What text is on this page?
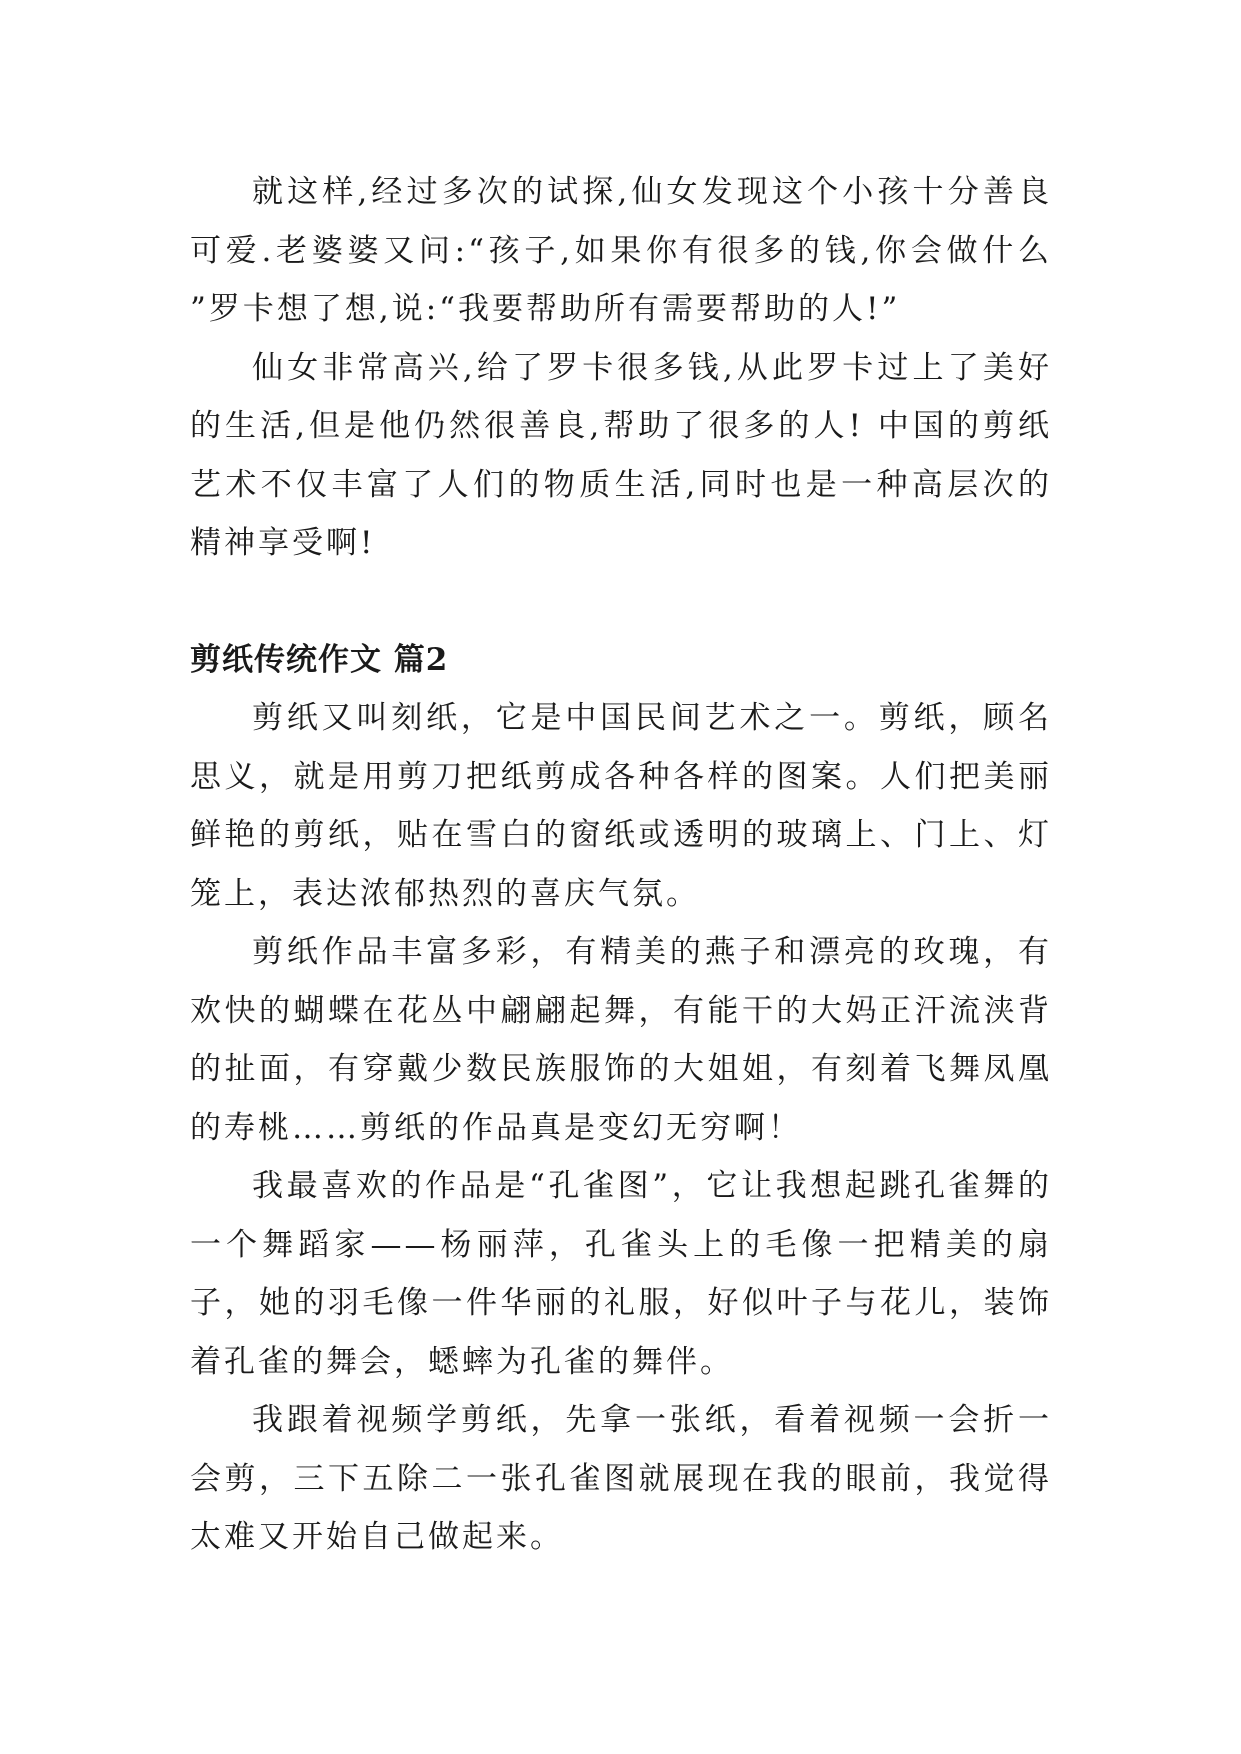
就这样,经过多次的试探,仙女发现这个小孩十分善良可爱.老婆婆又问:“孩子,如果你有很多的钱,你会做什么 ”罗卡想了想,说:“我要帮助所有需要帮助的人!”

仙女非常高兴,给了罗卡很多钱,从此罗卡过上了美好的生活,但是他仍然很善良,帮助了很多的人! 中国的剪纸艺术不仅丰富了人们的物质生活,同时也是一种高层次的精神享受啊!

剪纸传统作文 篇2

剪纸又叫刻纸，它是中国民间艺术之一。剪纸，顾名思义，就是用剪刀把纸剪成各种各样的图案。人们把美丽鲜艳的剪纸，贴在雪白的窗纸或透明的玻璃上、门上、灯笼上，表达浓郁热烈的喜庆气氛。

剪纸作品丰富多彩，有精美的燕子和漂亮的玫瑰，有欢快的蝴蝶在花丛中翩翩起舞，有能干的大妈正汗流浃背的扯面，有穿戴少数民族服饰的大姐姐，有刻着飞舞凤凰的寿桃……剪纸的作品真是变幻无穷啊！

我最喜欢的作品是“孔雀图”，它让我想起跳孔雀舞的一个舞蹈家——杨丽萍，孔雀头上的毛像一把精美的扇子，她的羽毛像一件华丽的礼服，好似叶子与花儿，装饰着孔雀的舞会，蟋蟀为孔雀的舞伴。

我跟着视频学剪纸，先拿一张纸，看着视频一会折一会剪，三下五除二一张孔雀图就展现在我的眼前，我觉得太难又开始自己做起来。
